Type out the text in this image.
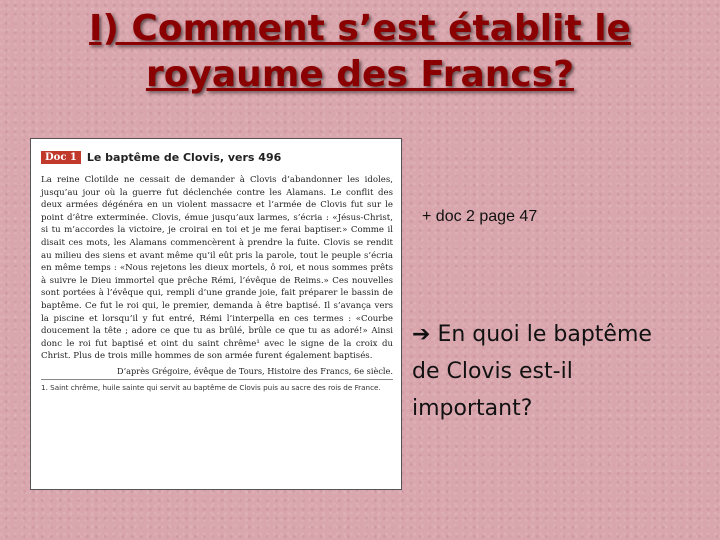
I) Comment s’est établit le royaume des Francs?
Doc 1 Le baptême de Clovis, vers 496

La reine Clotilde ne cessait de demander à Clovis d’abandonner les idoles, jusqu’au jour où la guerre fut déclenchée contre les Alamans. Le conflit des deux armées dégénéra en un violent massacre et l’armée de Clovis fut sur le point d’être exterminée. Clovis, émue jusqu’aux larmes, s’écria : «Jésus-Christ, si tu m’accordes la victoire, je croirai en toi et je me ferai baptiser.» Comme il disait ces mots, les Alamans commencèrent à prendre la fuite. Clovis se rendit au milieu des siens et avant même qu’il eût pris la parole, tout le peuple s’écria en même temps : «Nous rejetons les dieux mortels, ô roi, et nous sommes prêts à suivre le Dieu immortel que prêche Rémi, l’évêque de Reims.» Ces nouvelles sont portées à l’évêque qui, rempli d’une grande joie, fait préparer le bassin de baptême. Ce fut le roi qui, le premier, demanda à être baptisé. Il s’avança vers la piscine et lorsqu’il y fut entré, Rémi l’interpella en ces termes : «Courbe doucement la tête ; adore ce que tu as brûlé, brûle ce que tu as adoré!» Ainsi donc le roi fut baptisé et oint du saint chrême¹ avec le signe de la croix du Christ. Plus de trois mille hommes de son armée furent également baptisés.

D’après Grégoire, évêque de Tours, Histoire des Francs, 6e siècle.
1. Saint chrême, huile sainte qui servit au baptême de Clovis puis au sacre des rois de France.
+ doc 2 page 47
➔ En quoi le baptême de Clovis est-il important?
